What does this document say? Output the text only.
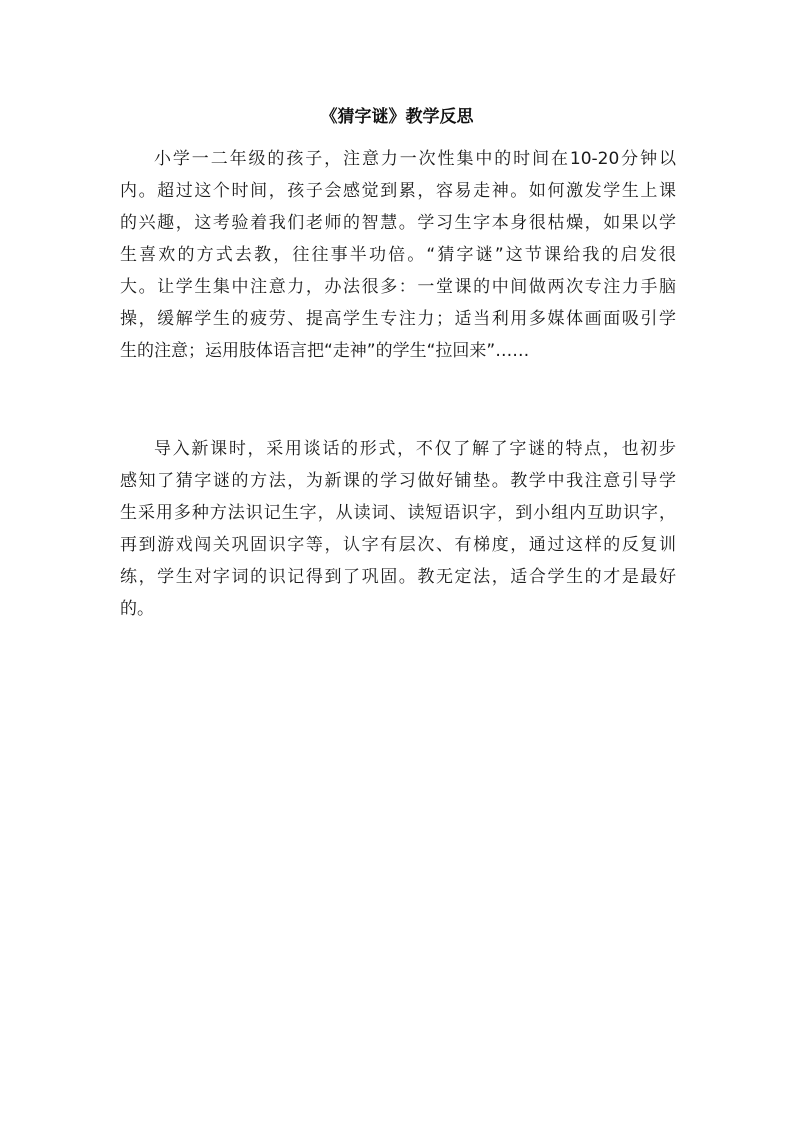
《猜字谜》教学反思
小学一二年级的孩子，注意力一次性集中的时间在10-20分钟以
内。超过这个时间，孩子会感觉到累，容易走神。如何激发学生上课
的兴趣，这考验着我们老师的智慧。学习生字本身很枯燥，如果以学
生喜欢的方式去教，往往事半功倍。“猜字谜”这节课给我的启发很
大。让学生集中注意力，办法很多：一堂课的中间做两次专注力手脑
操，缓解学生的疲劳、提高学生专注力；适当利用多媒体画面吸引学
生的注意；运用肢体语言把“走神”的学生“拉回来”……
导入新课时，采用谈话的形式，不仅了解了字谜的特点，也初步
感知了猜字谜的方法，为新课的学习做好铺垫。教学中我注意引导学
生采用多种方法识记生字，从读词、读短语识字，到小组内互助识字，
再到游戏闯关巩固识字等，认字有层次、有梯度，通过这样的反复训
练，学生对字词的识记得到了巩固。教无定法，适合学生的才是最好
的。
